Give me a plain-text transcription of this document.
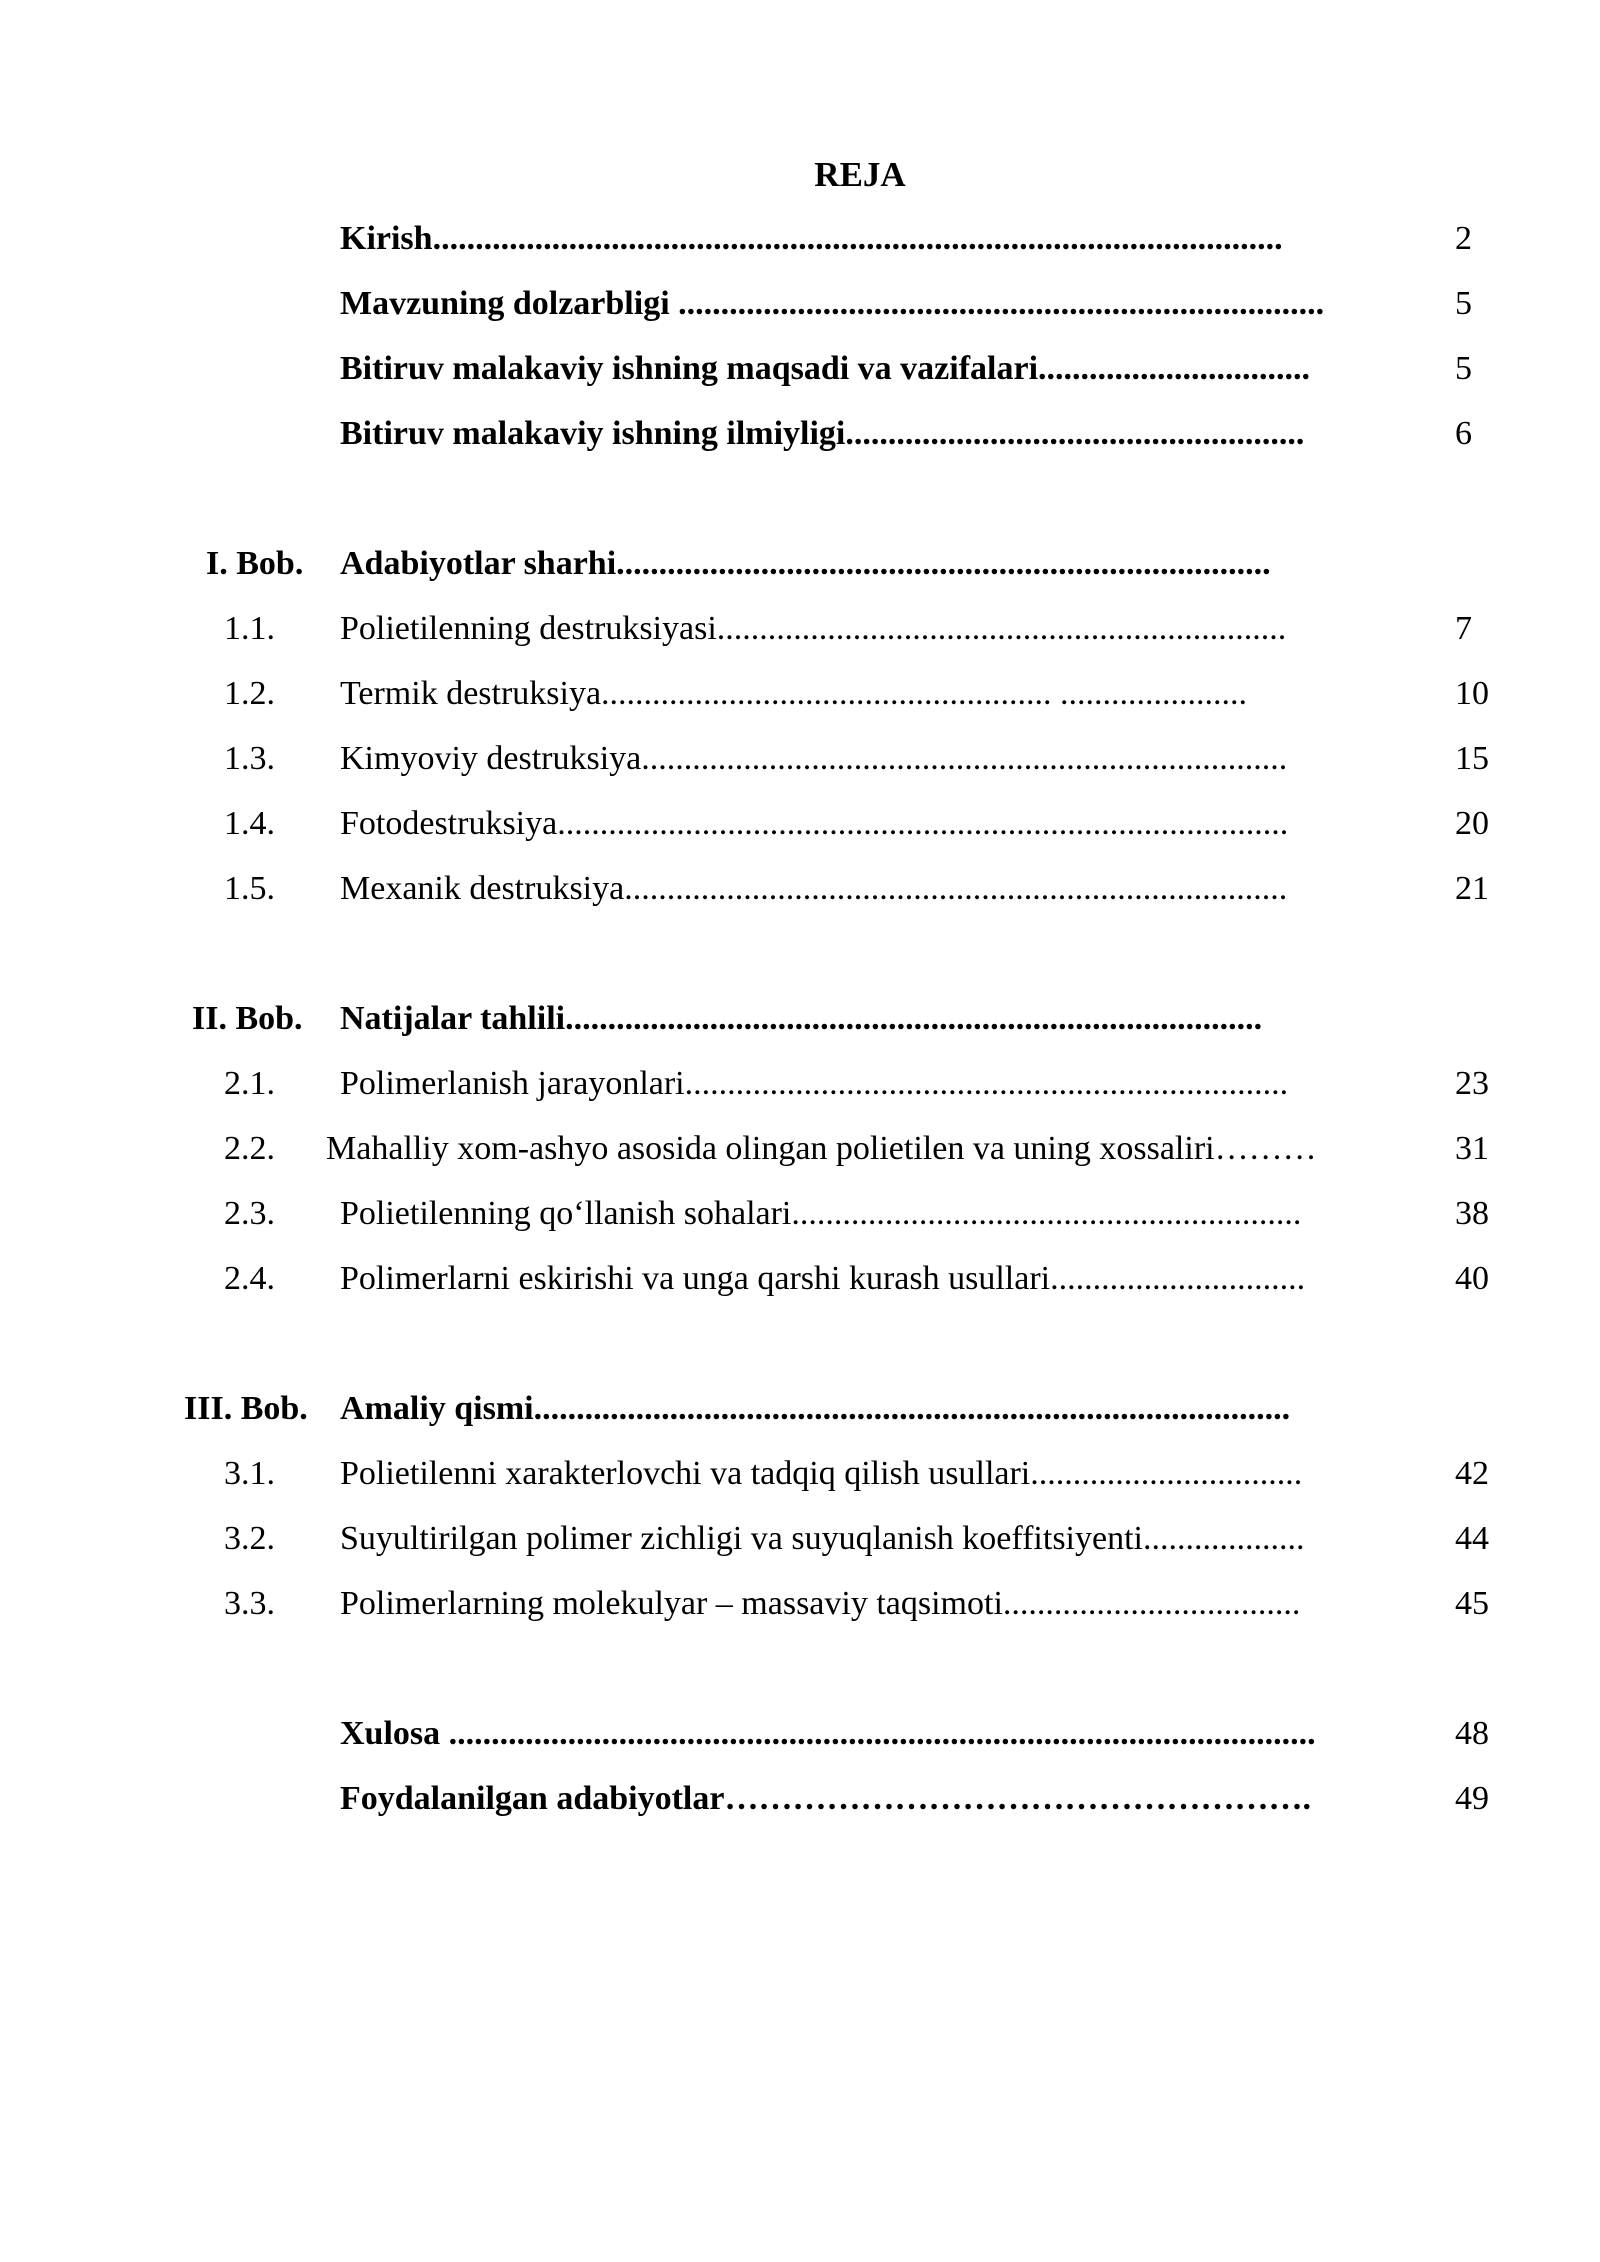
REJA
Kirish....................................................................................................	2
Mavzuning dolzarbligi ............................................................................	5
Bitiruv malakaviy ishning maqsadi va vazifalari................................	5
Bitiruv malakaviy ishning ilmiyligi......................................................	6
I. Bob. Adabiyotlar sharhi.............................................................................
1.1. Polietilenning destruksiyasi...................................................................	7
1.2. Termik destruksiya..................................................... ......................	10
1.3. Kimyoviy destruksiya............................................................................	15
1.4. Fotodestruksiya......................................................................................	20
1.5. Mexanik destruksiya..............................................................................	21
II. Bob. Natijalar tahlili..................................................................................
2.1. Polimerlanish jarayonlari.......................................................................	23
2.2. Mahalliy xom-ashyo asosida olingan polietilen va uning xossaliri………	31
2.3. Polietilenning qo‘llanish sohalari............................................................	38
2.4. Polimerlarni eskirishi va unga qarshi kurash usullari..............................	40
III. Bob. Amaliy qismi.........................................................................................
3.1. Polietilenni xarakterlovchi va tadqiq qilish usullari................................	42
3.2. Suyultirilgan polimer zichligi va suyuqlanish koeffitsiyenti...................	44
3.3. Polimerlarning molekulyar – massaviy taqsimoti...................................	45
Xulosa ......................................................................................................	48
Foydalanilgan adabiyotlar…………………………………………….	49
